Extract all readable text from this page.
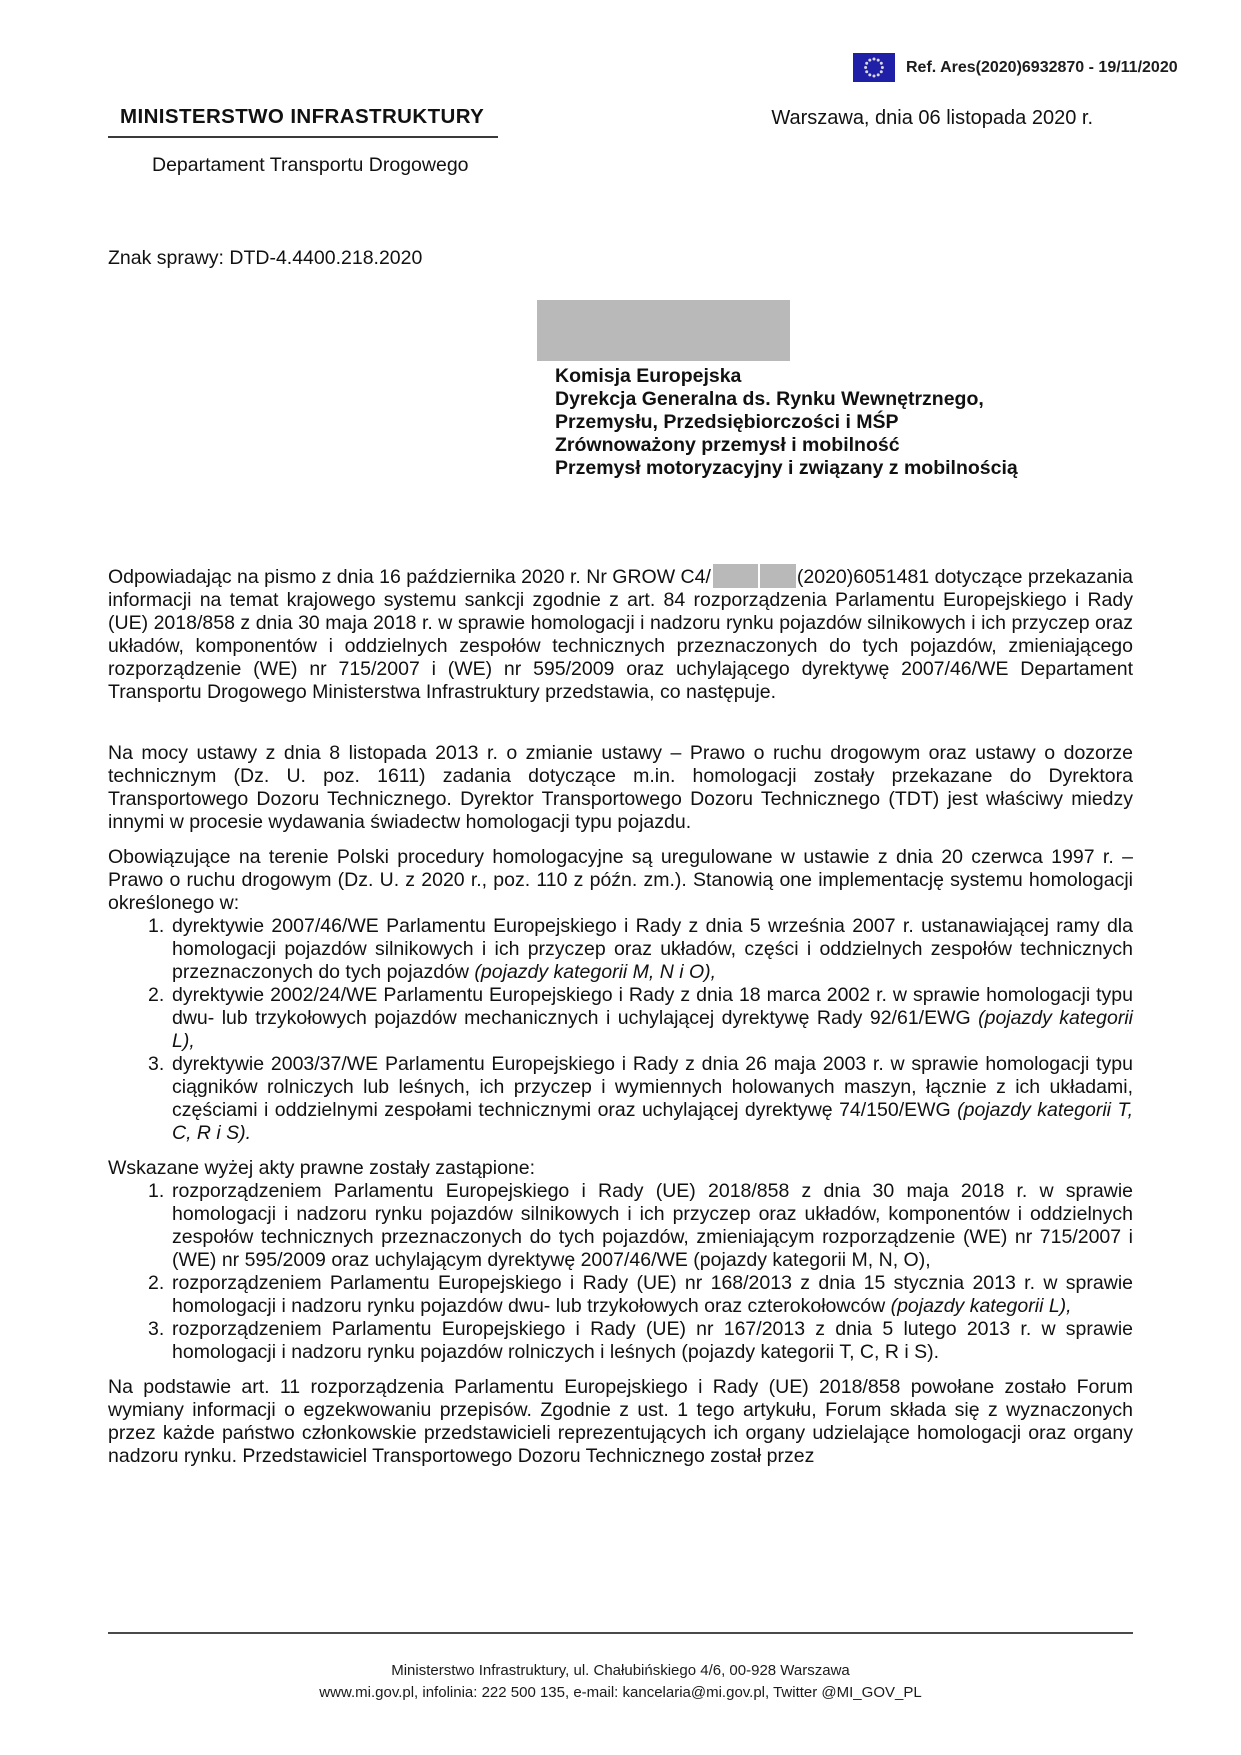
Ref. Ares(2020)6932870 - 19/11/2020
MINISTERSTWO INFRASTRUKTURY	Warszawa, dnia 06 listopada 2020 r.
Departament Transportu Drogowego
Znak sprawy: DTD-4.4400.218.2020
Komisja Europejska
Dyrekcja Generalna ds. Rynku Wewnętrznego,
Przemysłu, Przedsiębiorczości i MŚP
Zrównoważony przemysł i mobilność
Przemysł motoryzacyjny i związany z mobilnością

Odpowiadając na pismo z dnia 16 października 2020 r. Nr GROW C4/	(2020)6051481 dotyczące przekazania informacji na temat krajowego systemu sankcji zgodnie z art. 84 rozporządzenia Parlamentu Europejskiego i Rady (UE) 2018/858 z dnia 30 maja 2018 r. w sprawie homologacji i nadzoru rynku pojazdów silnikowych i ich przyczep oraz układów, komponentów i oddzielnych zespołów technicznych przeznaczonych do tych pojazdów, zmieniającego rozporządzenie (WE) nr 715/2007 i (WE) nr 595/2009 oraz uchylającego dyrektywę 2007/46/WE Departament Transportu Drogowego Ministerstwa Infrastruktury przedstawia, co następuje.

Na mocy ustawy z dnia 8 listopada 2013 r. o zmianie ustawy – Prawo o ruchu drogowym oraz ustawy o dozorze technicznym (Dz. U. poz. 1611) zadania dotyczące m.in. homologacji zostały przekazane do Dyrektora Transportowego Dozoru Technicznego. Dyrektor Transportowego Dozoru Technicznego (TDT) jest właściwy miedzy innymi w procesie wydawania świadectw homologacji typu pojazdu.

Obowiązujące na terenie Polski procedury homologacyjne są uregulowane w ustawie z dnia 20 czerwca 1997 r. – Prawo o ruchu drogowym (Dz. U. z 2020 r., poz. 110 z późn. zm.). Stanowią one implementację systemu homologacji określonego w:

1. dyrektywie 2007/46/WE Parlamentu Europejskiego i Rady z dnia 5 września 2007 r. ustanawiającej ramy dla homologacji pojazdów silnikowych i ich przyczep oraz układów, części i oddzielnych zespołów technicznych przeznaczonych do tych pojazdów (pojazdy kategorii M, N i O),
2. dyrektywie 2002/24/WE Parlamentu Europejskiego i Rady z dnia 18 marca 2002 r. w sprawie homologacji typu dwu- lub trzykołowych pojazdów mechanicznych i uchylającej dyrektywę Rady 92/61/EWG (pojazdy kategorii L),
3. dyrektywie 2003/37/WE Parlamentu Europejskiego i Rady z dnia 26 maja 2003 r. w sprawie homologacji typu ciągników rolniczych lub leśnych, ich przyczep i wymiennych holowanych maszyn, łącznie z ich układami, częściami i oddzielnymi zespołami technicznymi oraz uchylającej dyrektywę 74/150/EWG (pojazdy kategorii T, C, R i S).

Wskazane wyżej akty prawne zostały zastąpione:

1. rozporządzeniem Parlamentu Europejskiego i Rady (UE) 2018/858 z dnia 30 maja 2018 r. w sprawie homologacji i nadzoru rynku pojazdów silnikowych i ich przyczep oraz układów, komponentów i oddzielnych zespołów technicznych przeznaczonych do tych pojazdów, zmieniającym rozporządzenie (WE) nr 715/2007 i (WE) nr 595/2009 oraz uchylającym dyrektywę 2007/46/WE (pojazdy kategorii M, N, O),
2. rozporządzeniem Parlamentu Europejskiego i Rady (UE) nr 168/2013 z dnia 15 stycznia 2013 r. w sprawie homologacji i nadzoru rynku pojazdów dwu- lub trzykołowych oraz czterokołowców (pojazdy kategorii L),
3. rozporządzeniem Parlamentu Europejskiego i Rady (UE) nr 167/2013 z dnia 5 lutego 2013 r. w sprawie homologacji i nadzoru rynku pojazdów rolniczych i leśnych (pojazdy kategorii T, C, R i S).

Na podstawie art. 11 rozporządzenia Parlamentu Europejskiego i Rady (UE) 2018/858 powołane zostało Forum wymiany informacji o egzekwowaniu przepisów. Zgodnie z ust. 1 tego artykułu, Forum składa się z wyznaczonych przez każde państwo członkowskie przedstawicieli reprezentujących ich organy udzielające homologacji oraz organy nadzoru rynku. Przedstawiciel Transportowego Dozoru Technicznego został przez

Ministerstwo Infrastruktury, ul. Chałubińskiego 4/6, 00-928 Warszawa
www.mi.gov.pl, infolinia: 222 500 135, e-mail: kancelaria@mi.gov.pl, Twitter @MI_GOV_PL
